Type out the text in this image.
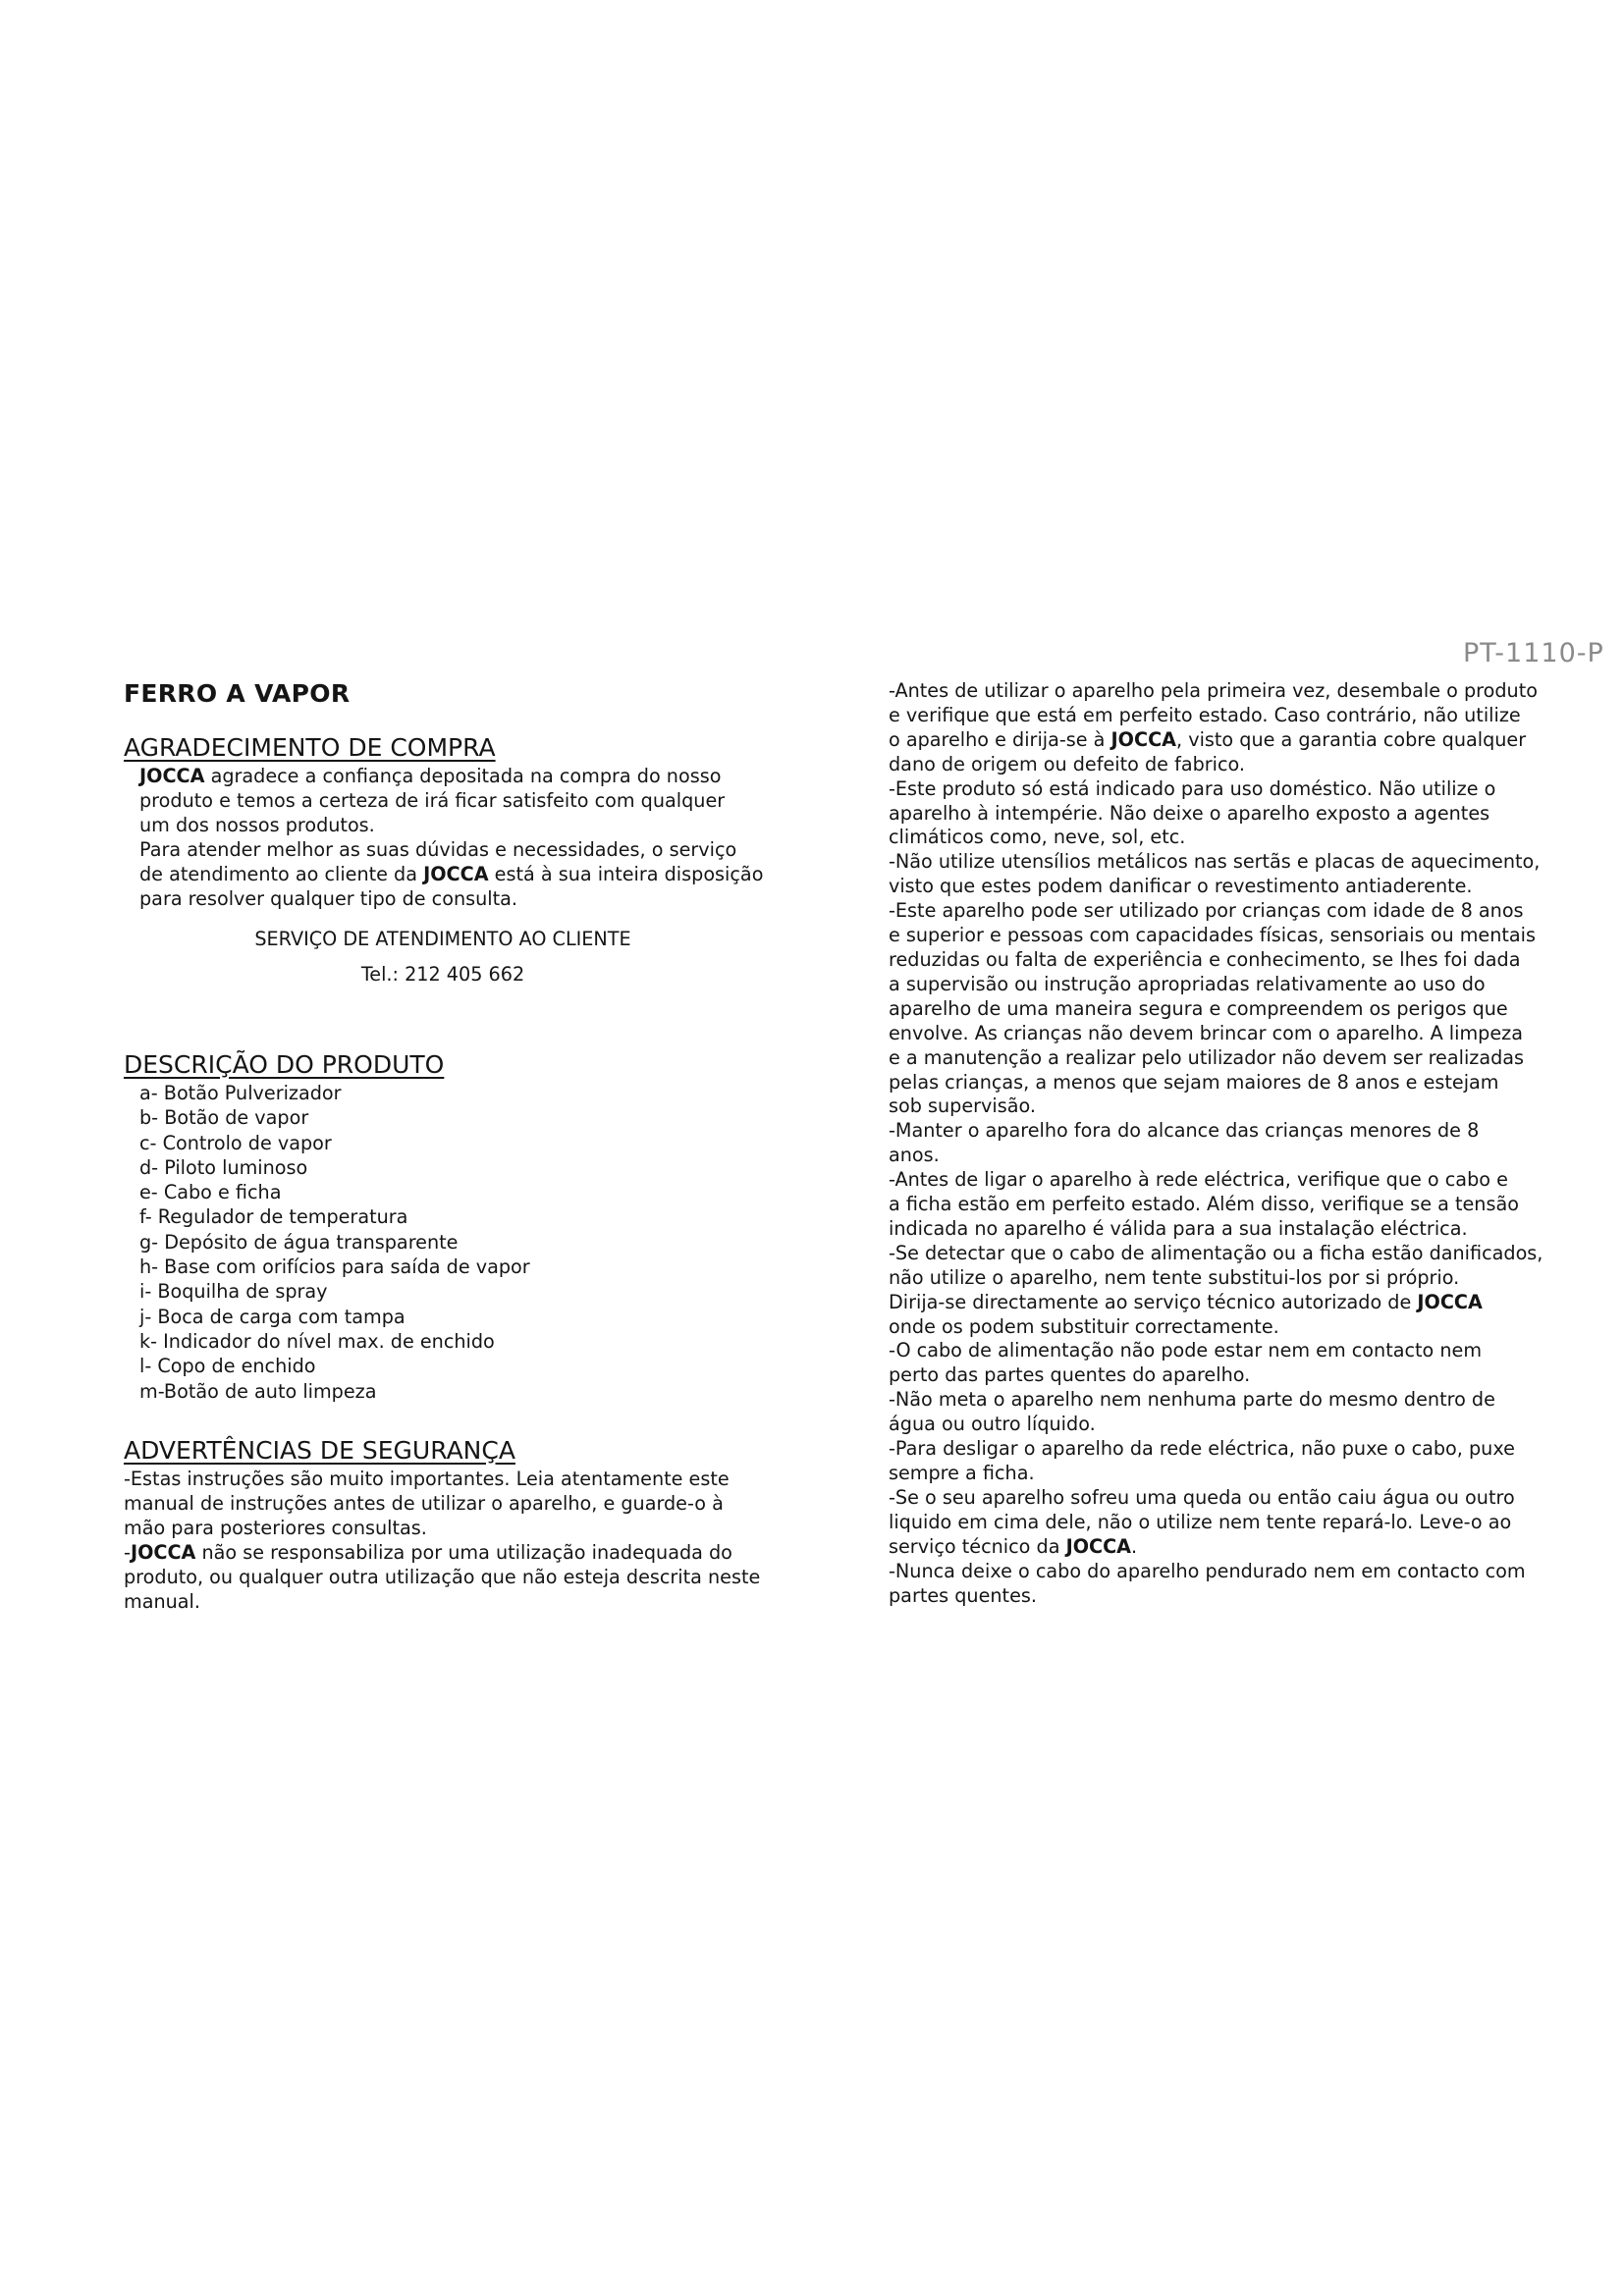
PT-1110-P
FERRO A VAPOR
AGRADECIMENTO DE COMPRA
JOCCA agradece a confiança depositada na compra do nosso
produto e temos a certeza de irá ficar satisfeito com qualquer
um dos nossos produtos.
Para atender melhor as suas dúvidas e necessidades, o serviço
de atendimento ao cliente da JOCCA está à sua inteira disposição
para resolver qualquer tipo de consulta.
SERVIÇO DE ATENDIMENTO AO CLIENTE
Tel.: 212 405 662
DESCRIÇÃO DO PRODUTO
a- Botão Pulverizador
b- Botão de vapor
c- Controlo de vapor
d- Piloto luminoso
e- Cabo e ficha
f- Regulador de temperatura
g- Depósito de água transparente
h- Base com orifícios para saída de vapor
i- Boquilha de spray
j- Boca de carga com tampa
k- Indicador do nível max. de enchido
l- Copo de enchido
m-Botão de auto limpeza
ADVERTÊNCIAS DE SEGURANÇA
-Estas instruções são muito importantes. Leia atentamente este
manual de instruções antes de utilizar o aparelho, e guarde-o à
mão para posteriores consultas.
-JOCCA não se responsabiliza por uma utilização inadequada do
produto, ou qualquer outra utilização que não esteja descrita neste
manual.
-Antes de utilizar o aparelho pela primeira vez, desembale o produto
e verifique que está em perfeito estado. Caso contrário, não utilize
o aparelho e dirija-se à JOCCA, visto que a garantia cobre qualquer
dano de origem ou defeito de fabrico.
-Este produto só está indicado para uso doméstico. Não utilize o
aparelho à intempérie. Não deixe o aparelho exposto a agentes
climáticos como, neve, sol, etc.
-Não utilize utensílios metálicos nas sertãs e placas de aquecimento,
visto que estes podem danificar o revestimento antiaderente.
-Este aparelho pode ser utilizado por crianças com idade de 8 anos
e superior e pessoas com capacidades físicas, sensoriais ou mentais
reduzidas ou falta de experiência e conhecimento, se lhes foi dada
a supervisão ou instrução apropriadas relativamente ao uso do
aparelho de uma maneira segura e compreendem os perigos que
envolve. As crianças não devem brincar com o aparelho. A limpeza
e a manutenção a realizar pelo utilizador não devem ser realizadas
pelas crianças, a menos que sejam maiores de 8 anos e estejam
sob supervisão.
-Manter o aparelho fora do alcance das crianças menores de 8
anos.
-Antes de ligar o aparelho à rede eléctrica, verifique que o cabo e
a ficha estão em perfeito estado. Além disso, verifique se a tensão
indicada no aparelho é válida para a sua instalação eléctrica.
-Se detectar que o cabo de alimentação ou a ficha estão danificados,
não utilize o aparelho, nem tente substitui-los por si próprio.
Dirija-se directamente ao serviço técnico autorizado de JOCCA
onde os podem substituir correctamente.
-O cabo de alimentação não pode estar nem em contacto nem
perto das partes quentes do aparelho.
-Não meta o aparelho nem nenhuma parte do mesmo dentro de
água ou outro líquido.
-Para desligar o aparelho da rede eléctrica, não puxe o cabo, puxe
sempre a ficha.
-Se o seu aparelho sofreu uma queda ou então caiu água ou outro
liquido em cima dele, não o utilize nem tente repará-lo. Leve-o ao
serviço técnico da JOCCA.
-Nunca deixe o cabo do aparelho pendurado nem em contacto com
partes quentes.
